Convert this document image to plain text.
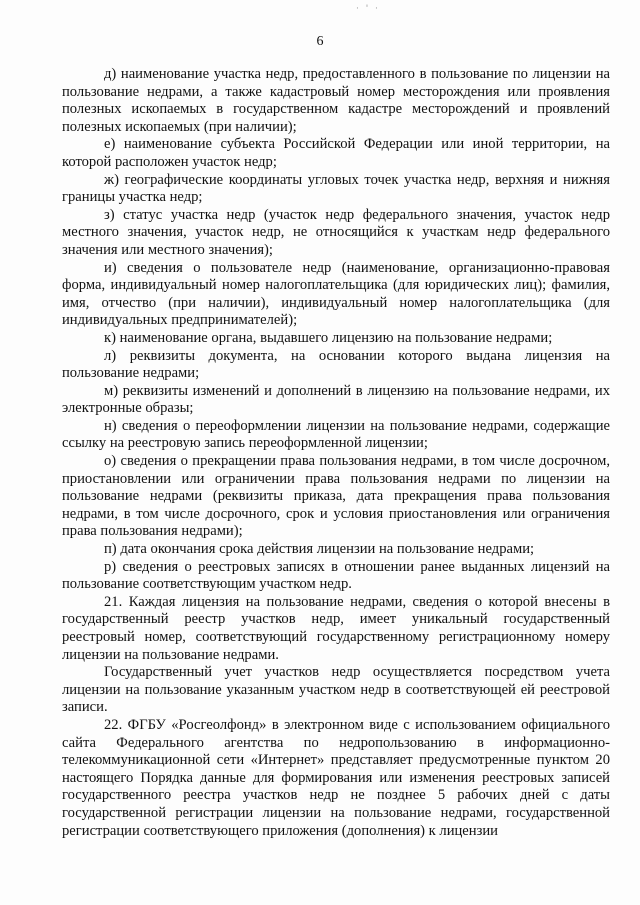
· ' ·
6

д) наименование участка недр, предоставленного в пользование по лицензии на пользование недрами, а также кадастровый номер месторождения или проявления полезных ископаемых в государственном кадастре месторождений и проявлений полезных ископаемых (при наличии);

е) наименование субъекта Российской Федерации или иной территории, на которой расположен участок недр;

ж) географические координаты угловых точек участка недр, верхняя и нижняя границы участка недр;

з) статус участка недр (участок недр федерального значения, участок недр местного значения, участок недр, не относящийся к участкам недр федерального значения или местного значения);

и) сведения о пользователе недр (наименование, организационно-правовая форма, индивидуальный номер налогоплательщика (для юридических лиц); фамилия, имя, отчество (при наличии), индивидуальный номер налогоплательщика (для индивидуальных предпринимателей);

к) наименование органа, выдавшего лицензию на пользование недрами;

л) реквизиты документа, на основании которого выдана лицензия на пользование недрами;

м) реквизиты изменений и дополнений в лицензию на пользование недрами, их электронные образы;

н) сведения о переоформлении лицензии на пользование недрами, содержащие ссылку на реестровую запись переоформленной лицензии;

о) сведения о прекращении права пользования недрами, в том числе досрочном, приостановлении или ограничении права пользования недрами по лицензии на пользование недрами (реквизиты приказа, дата прекращения права пользования недрами, в том числе досрочного, срок и условия приостановления или ограничения права пользования недрами);

п) дата окончания срока действия лицензии на пользование недрами;

р) сведения о реестровых записях в отношении ранее выданных лицензий на пользование соответствующим участком недр.

21. Каждая лицензия на пользование недрами, сведения о которой внесены в государственный реестр участков недр, имеет уникальный государственный реестровый номер, соответствующий государственному регистрационному номеру лицензии на пользование недрами.

Государственный учет участков недр осуществляется посредством учета лицензии на пользование указанным участком недр в соответствующей ей реестровой записи.

22. ФГБУ «Росгеолфонд» в электронном виде с использованием официального сайта Федерального агентства по недропользованию в информационно-телекоммуникационной сети «Интернет» представляет предусмотренные пунктом 20 настоящего Порядка данные для формирования или изменения реестровых записей государственного реестра участков недр не позднее 5 рабочих дней с даты государственной регистрации лицензии на пользование недрами, государственной регистрации соответствующего приложения (дополнения) к лицензии
